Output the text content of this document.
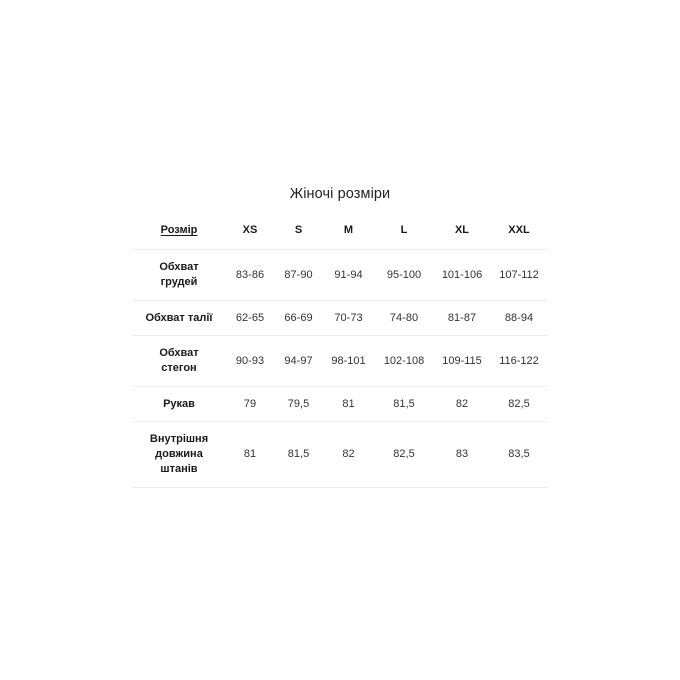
Жіночі розміри
Розмір	XS	S	M	L	XL	XXL
Обхват
грудей	83-86	87-90	91-94	95-100	101-106	107-112
Обхват талії	62-65	66-69	70-73	74-80	81-87	88-94
Обхват
стегон	90-93	94-97	98-101	102-108	109-115	116-122
Рукав	79	79,5	81	81,5	82	82,5
Внутрішня
довжина
штанів	81	81,5	82	82,5	83	83,5
